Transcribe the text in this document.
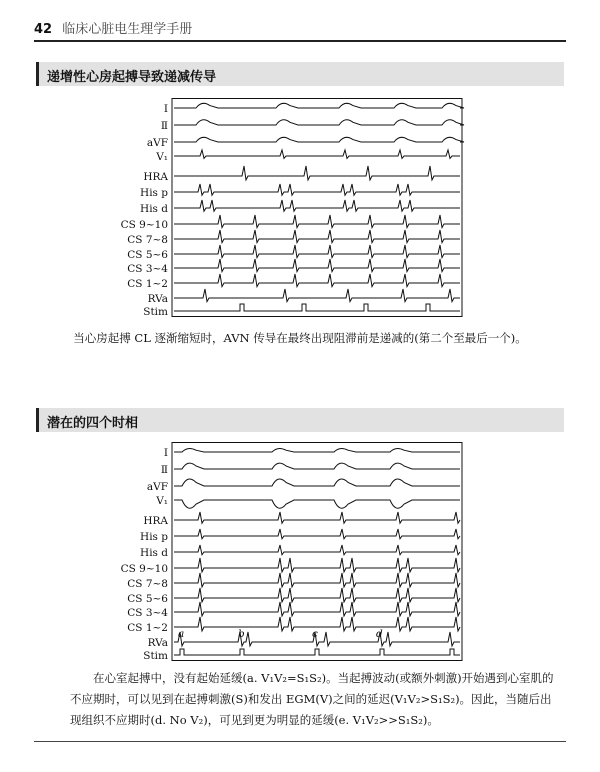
42 临床心脏电生理学手册
递增性心房起搏导致递减传导
I
Ⅱ
aVF
V₁
HRA
His p
His d
CS 9~10
CS 7~8
CS 5~6
CS 3~4
CS 1~2
RVa
Stim
当心房起搏 CL 逐渐缩短时，AVN 传导在最终出现阻滞前是递减的(第二个至最后一个)。
潜在的四个时相
I
Ⅱ
aVF
V₁
HRA
His p
His d
CS 9~10
CS 7~8
CS 5~6
CS 3~4
CS 1~2
RVa
Stim
a	b	c	d
在心室起搏中，没有起始延缓(a. V₁V₂=S₁S₂)。当起搏波动(或额外刺激)开始遇到心室肌的不应期时，可以见到在起搏刺激(S)和发出 EGM(V)之间的延迟(V₁V₂>S₁S₂)。因此，当随后出现组织不应期时(d. No V₂)，可见到更为明显的延缓(e. V₁V₂>>S₁S₂)。
